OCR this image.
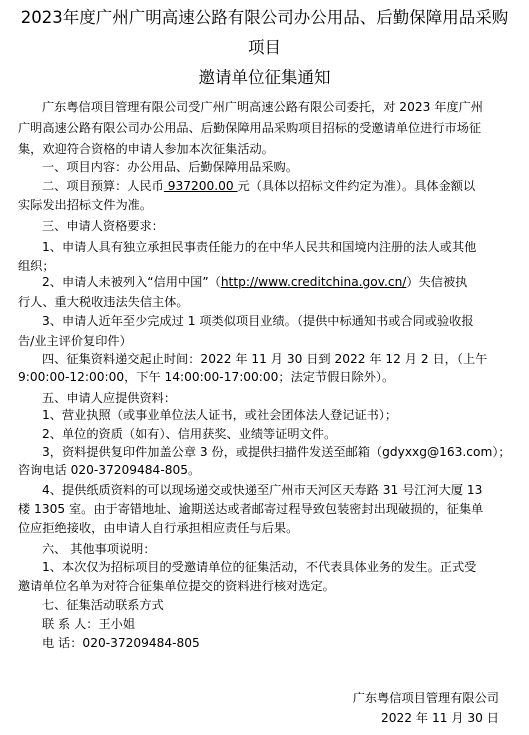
2023年度广州广明高速公路有限公司办公用品、后勤保障用品采购
项目
邀请单位征集通知
广东粤信项目管理有限公司受广州广明高速公路有限公司委托，对 2023 年度广州
广明高速公路有限公司办公用品、后勤保障用品采购项目招标的受邀请单位进行市场征
集，欢迎符合资格的申请人参加本次征集活动。
一、项目内容：办公用品、后勤保障用品采购。
二、项目预算：人民币 937200.00 元（具体以招标文件约定为准）。具体金额以
实际发出招标文件为准。
三、申请人资格要求：
1、申请人具有独立承担民事责任能力的在中华人民共和国境内注册的法人或其他
组织；
2、申请人未被列入“信用中国”（http://www.creditchina.gov.cn/）失信被执
行人、重大税收违法失信主体。
3、申请人近年至少完成过 1 项类似项目业绩。（提供中标通知书或合同或验收报
告/业主评价复印件）
四、征集资料递交起止时间：2022 年 11 月 30 日到 2022 年 12 月 2 日，（上午
9:00:00-12:00:00，下午 14:00:00-17:00:00；法定节假日除外）。
五、申请人应提供资料：
1、营业执照（或事业单位法人证书，或社会团体法人登记证书）；
2、单位的资质（如有）、信用获奖、业绩等证明文件。
3，资料提供复印件加盖公章 3 份，或提供扫描件发送至邮箱（gdyxxg@163.com）；
咨询电话 020-37209484-805。
4、提供纸质资料的可以现场递交或快递至广州市天河区天寿路 31 号江河大厦 13
楼 1305 室。由于寄错地址、逾期送达或者邮寄过程导致包装密封出现破损的，征集单
位应拒绝接收，由申请人自行承担相应责任与后果。
六、 其他事项说明：
1、本次仅为招标项目的受邀请单位的征集活动，不代表具体业务的发生。正式受
邀请单位名单为对符合征集单位提交的资料进行核对选定。
七、征集活动联系方式
联 系 人：王小姐
电 话：020-37209484-805
广东粤信项目管理有限公司
2022 年 11 月 30 日
